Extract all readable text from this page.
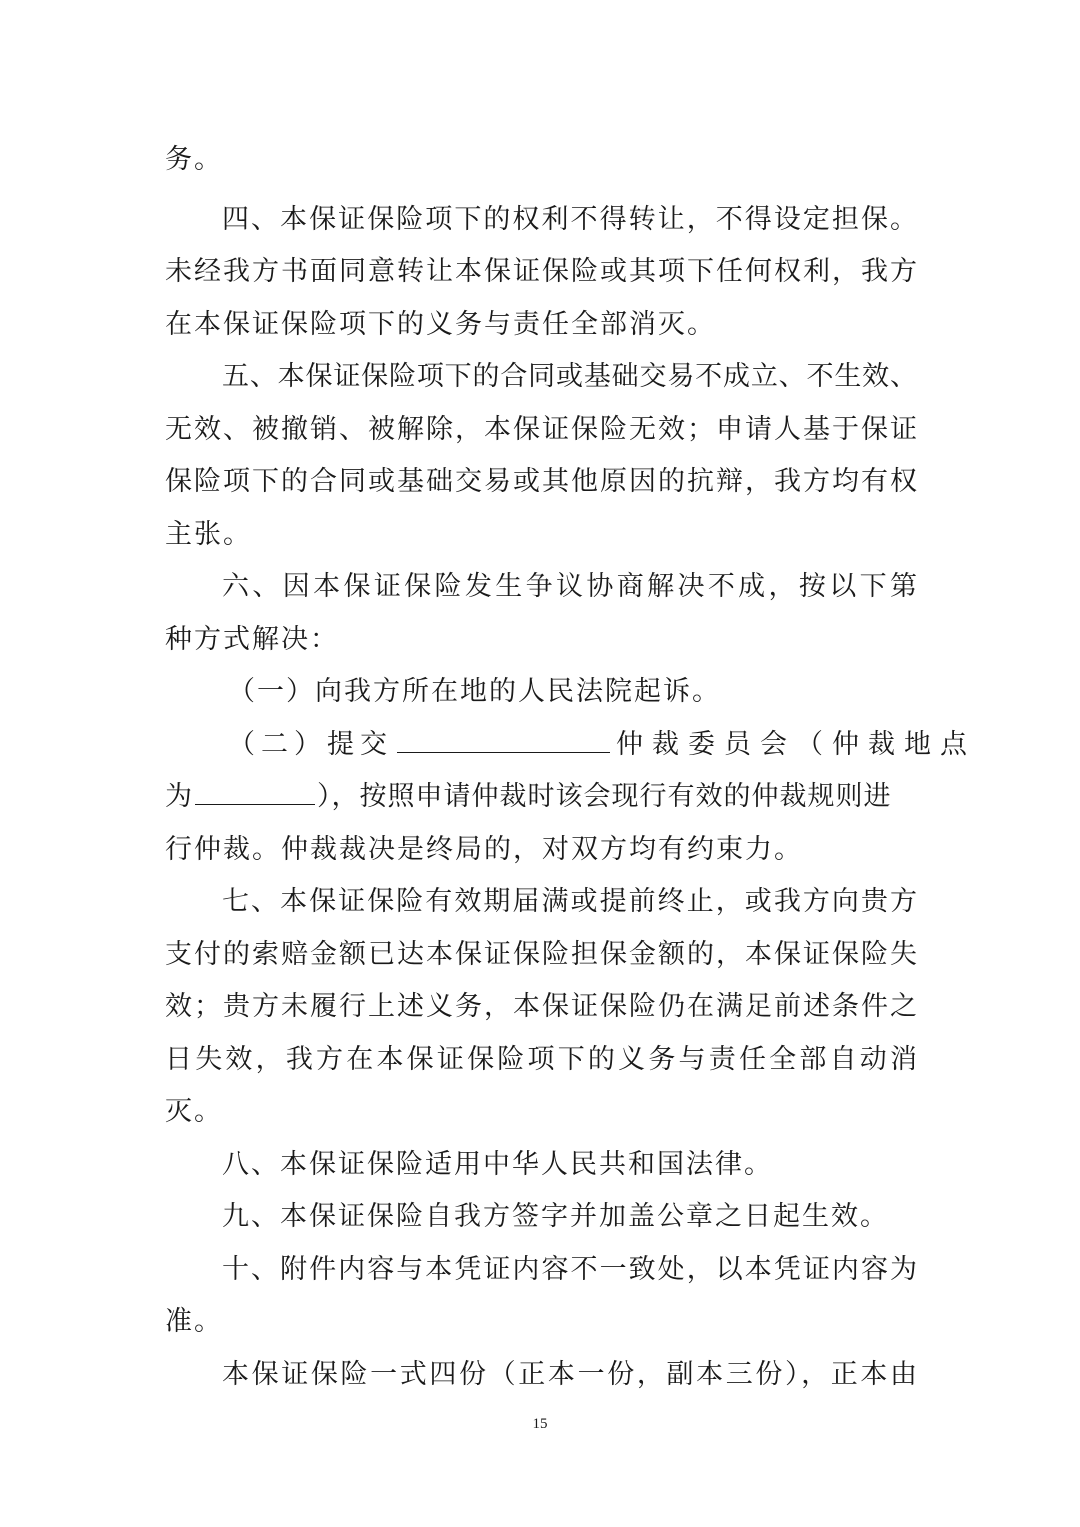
务。
四、本保证保险项下的权利不得转让，不得设定担保。
未经我方书面同意转让本保证保险或其项下任何权利，我方
在本保证保险项下的义务与责任全部消灭。
五、本保证保险项下的合同或基础交易不成立、不生效、
无效、被撤销、被解除，本保证保险无效；申请人基于保证
保险项下的合同或基础交易或其他原因的抗辩，我方均有权
主张。
六、因本保证保险发生争议协商解决不成，按以下第
种方式解决：
（一）向我方所在地的人民法院起诉。
（二）提交	仲裁委员会（仲裁地点
为	），按照申请仲裁时该会现行有效的仲裁规则进
行仲裁。仲裁裁决是终局的，对双方均有约束力。
七、本保证保险有效期届满或提前终止，或我方向贵方
支付的索赔金额已达本保证保险担保金额的，本保证保险失
效；贵方未履行上述义务，本保证保险仍在满足前述条件之
日失效，我方在本保证保险项下的义务与责任全部自动消
灭。
八、本保证保险适用中华人民共和国法律。
九、本保证保险自我方签字并加盖公章之日起生效。
十、附件内容与本凭证内容不一致处，以本凭证内容为
准。
本保证保险一式四份（正本一份，副本三份），正本由
15
